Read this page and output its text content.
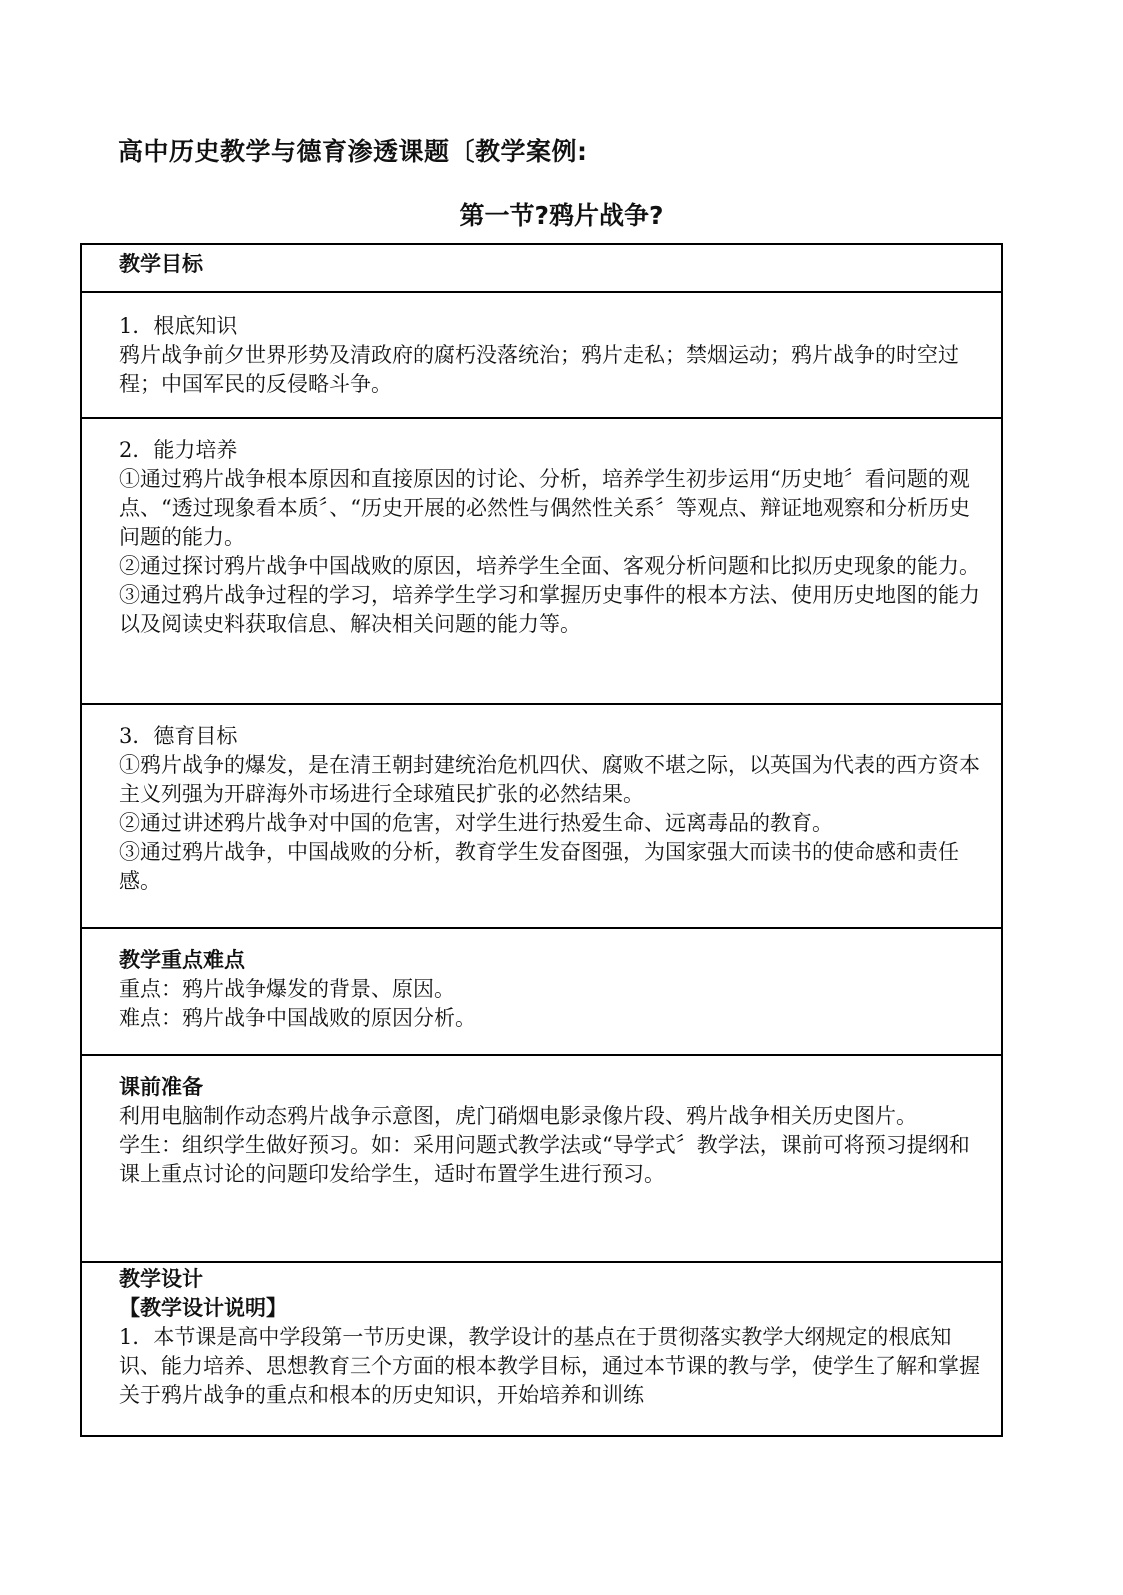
高中历史教学与德育渗透课题〔教学案例:
第一节?鸦片战争?
教学目标

1．根底知识
鸦片战争前夕世界形势及清政府的腐朽没落统治；鸦片走私；禁烟运动；鸦片战争的时空过程；中国军民的反侵略斗争。

2．能力培养
①通过鸦片战争根本原因和直接原因的讨论、分析，培养学生初步运用“历史地〞看问题的观点、“透过现象看本质〞、“历史开展的必然性与偶然性关系〞等观点、辩证地观察和分析历史问题的能力。
②通过探讨鸦片战争中国战败的原因，培养学生全面、客观分析问题和比拟历史现象的能力。
③通过鸦片战争过程的学习，培养学生学习和掌握历史事件的根本方法、使用历史地图的能力以及阅读史料获取信息、解决相关问题的能力等。

3．德育目标
①鸦片战争的爆发，是在清王朝封建统治危机四伏、腐败不堪之际，以英国为代表的西方资本主义列强为开辟海外市场进行全球殖民扩张的必然结果。
②通过讲述鸦片战争对中国的危害，对学生进行热爱生命、远离毒品的教育。
③通过鸦片战争，中国战败的分析，教育学生发奋图强，为国家强大而读书的使命感和责任感。

教学重点难点
重点：鸦片战争爆发的背景、原因。
难点：鸦片战争中国战败的原因分析。

课前准备
利用电脑制作动态鸦片战争示意图，虎门硝烟电影录像片段、鸦片战争相关历史图片。
学生：组织学生做好预习。如：采用问题式教学法或“导学式〞教学法，课前可将预习提纲和课上重点讨论的问题印发给学生，适时布置学生进行预习。

教学设计
【教学设计说明】
1．本节课是高中学段第一节历史课，教学设计的基点在于贯彻落实教学大纲规定的根底知识、能力培养、思想教育三个方面的根本教学目标，通过本节课的教与学，使学生了解和掌握关于鸦片战争的重点和根本的历史知识，开始培养和训练
